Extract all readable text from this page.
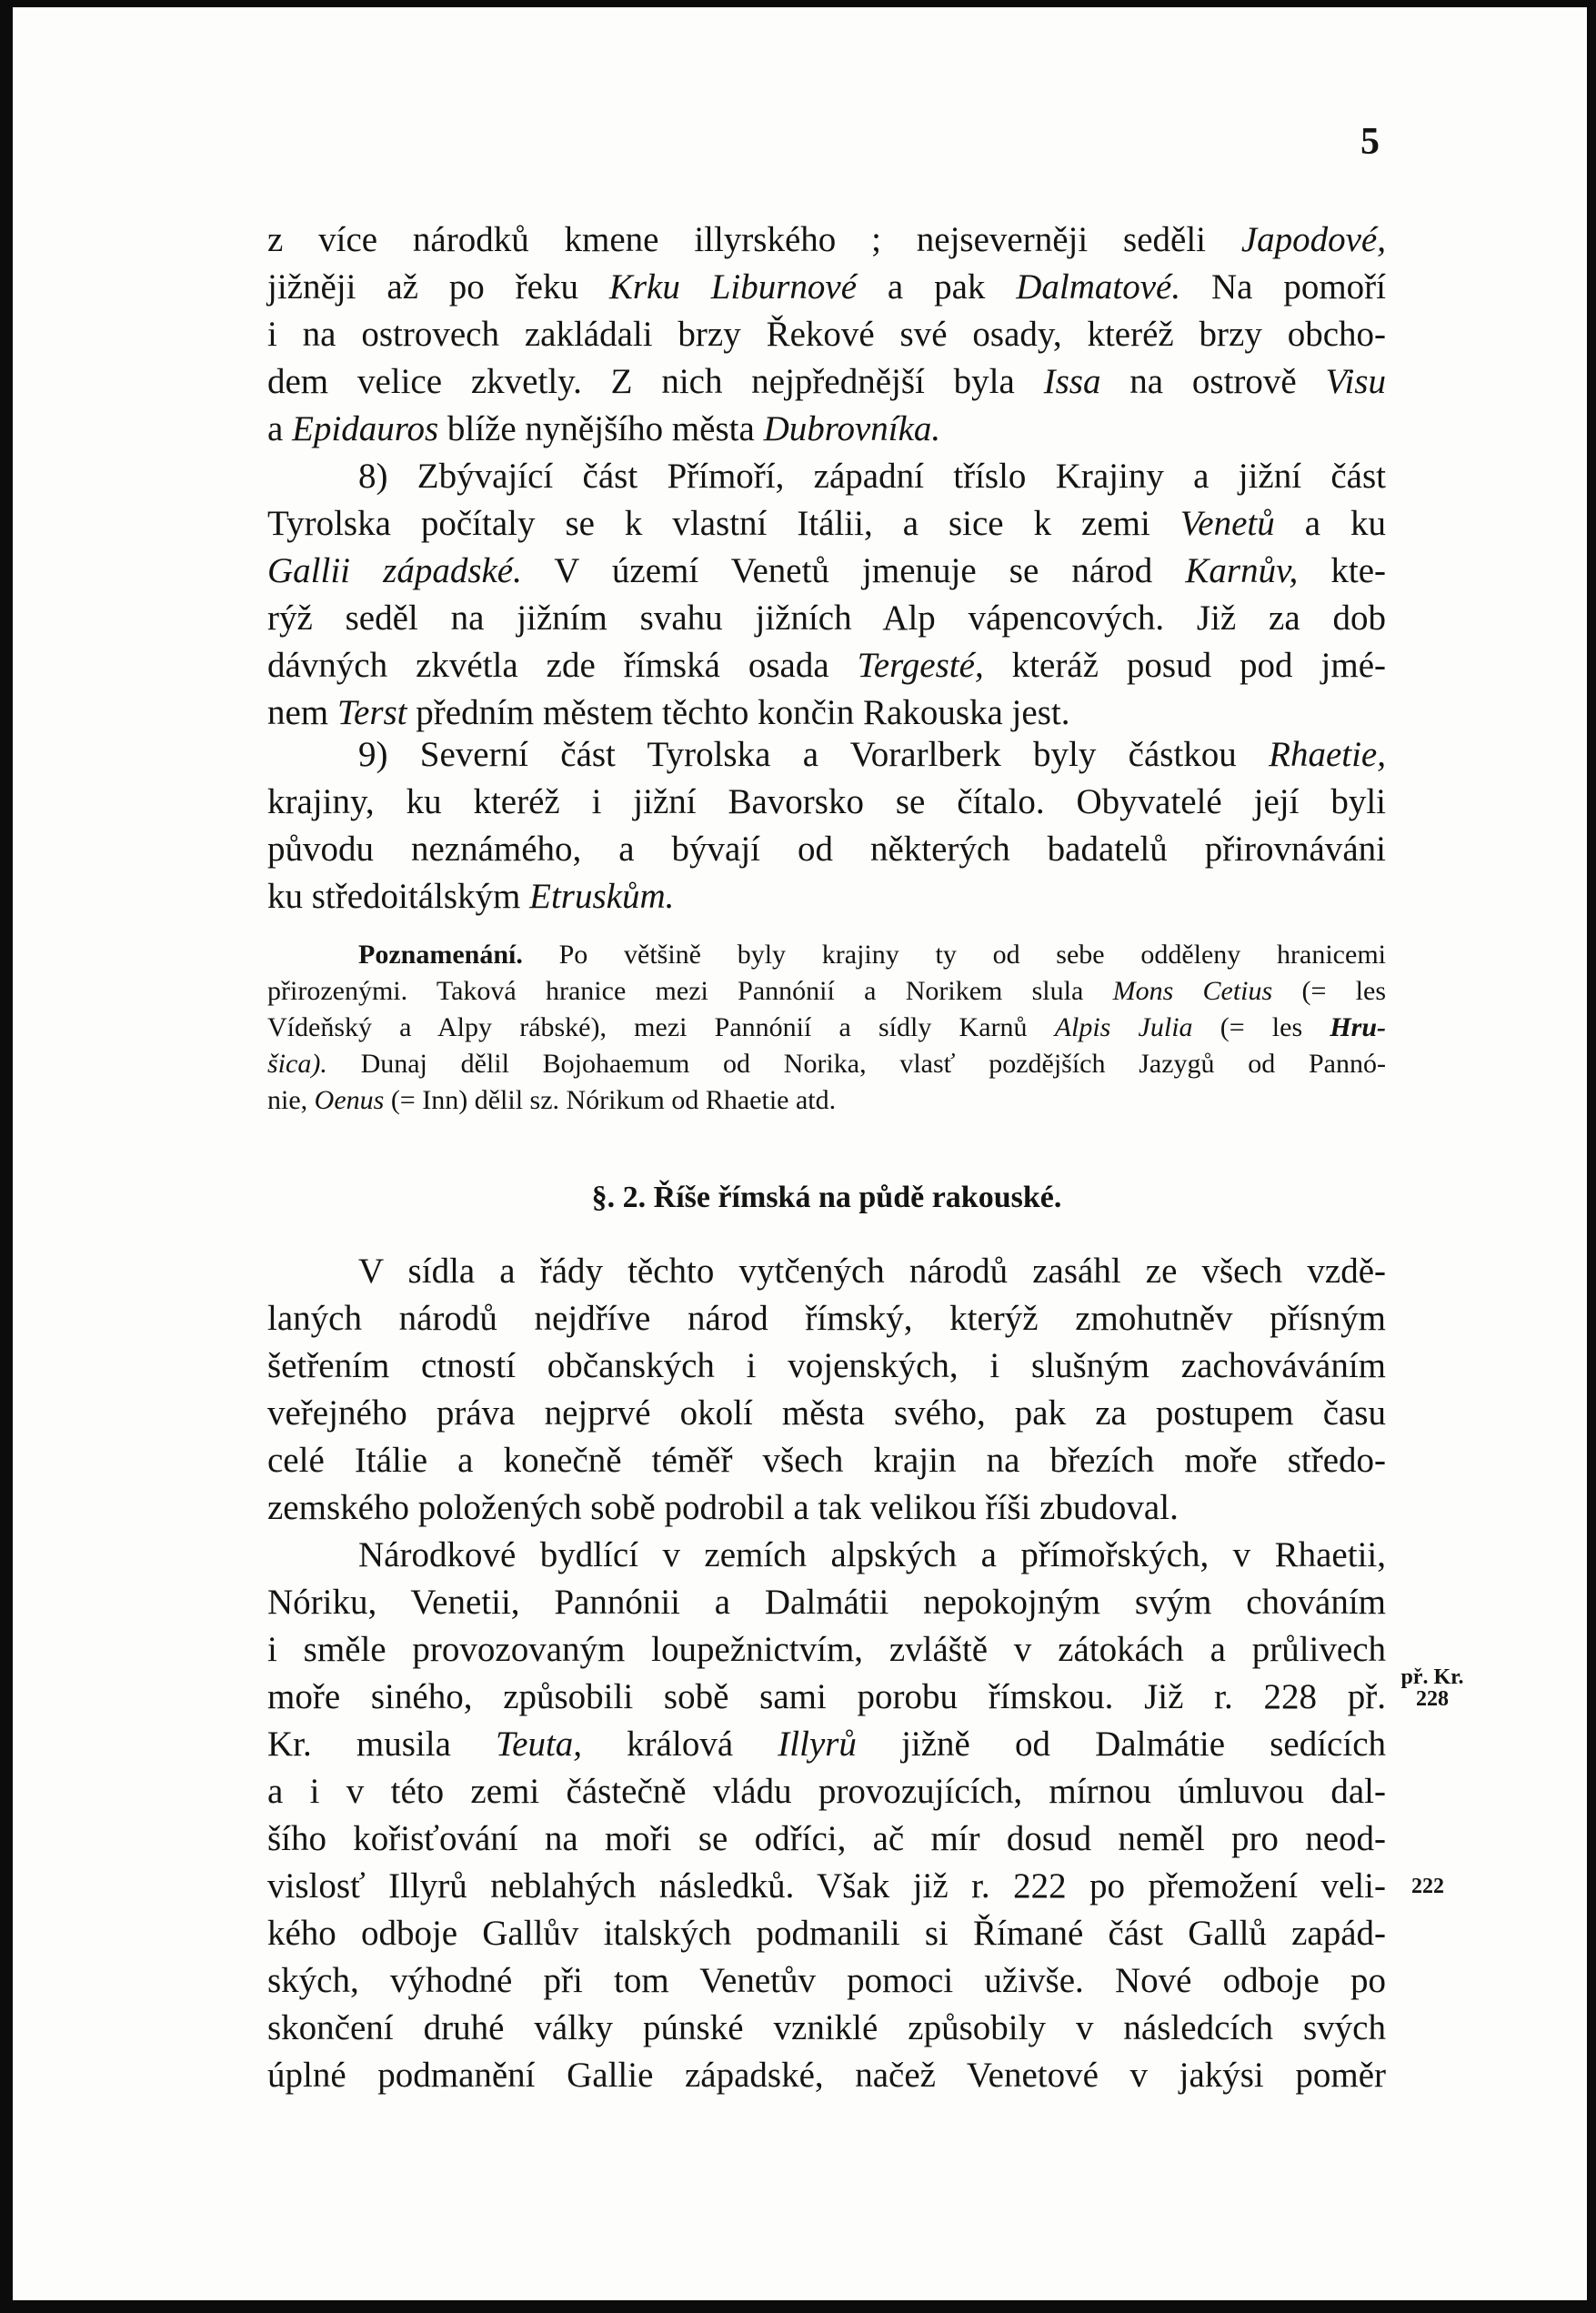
5
z více národků kmene illyrského ; nejseverněji seděli Japodové,
jižněji až po řeku Krku Liburnové a pak Dalmatové. Na pomoří
i na ostrovech zakládali brzy Řekové své osady, kteréž brzy obcho-
dem velice zkvetly. Z nich nejpřednější byla Issa na ostrově Visu
a Epidauros blíže nynějšího města Dubrovníka.
8) Zbývající část Přímoří, západní tříslo Krajiny a jižní část
Tyrolska počítaly se k vlastní Itálii, a sice k zemi Venetů a ku
Gallii západské. V území Venetů jmenuje se národ Karnův, kte-
rýž seděl na jižním svahu jižních Alp vápencových. Již za dob
dávných zkvétla zde římská osada Tergesté, kteráž posud pod jmé-
nem Terst předním městem těchto končin Rakouska jest.
9) Severní část Tyrolska a Vorarlberk byly částkou Rhaetie,
krajiny, ku kteréž i jižní Bavorsko se čítalo. Obyvatelé její byli
původu neznámého, a bývají od některých badatelů přirovnáváni
ku středoitálským Etruskům.
Poznamenání. Po většině byly krajiny ty od sebe odděleny hranicemi
přirozenými. Taková hranice mezi Pannónií a Norikem slula Mons Cetius (= les
Vídeňský a Alpy rábské), mezi Pannónií a sídly Karnů Alpis Julia (= les Hru-
šica). Dunaj dělil Bojohaemum od Norika, vlasť pozdějších Jazygů od Pannó-
nie, Oenus (= Inn) dělil sz. Nórikum od Rhaetie atd.
§. 2. Říše římská na půdě rakouské.
V sídla a řády těchto vytčených národů zasáhl ze všech vzdě-
laných národů nejdříve národ římský, kterýž zmohutněv přísným
šetřením ctností občanských i vojenských, i slušným zachováváním
veřejného práva nejprvé okolí města svého, pak za postupem času
celé Itálie a konečně téměř všech krajin na březích moře středo-
zemského položených sobě podrobil a tak velikou říši zbudoval.
Národkové bydlící v zemích alpských a přímořských, v Rhaetii,
Nóriku, Venetii, Pannónii a Dalmátii nepokojným svým chováním
i směle provozovaným loupežnictvím, zvláště v zátokách a průlivech
moře siného, způsobili sobě sami porobu římskou. Již r. 228 př.
Kr. musila Teuta, králová Illyrů jižně od Dalmátie sedících
a i v této zemi částečně vládu provozujících, mírnou úmluvou dal-
šího kořisťování na moři se odříci, ač mír dosud neměl pro neod-
vislosť Illyrů neblahých následků. Však již r. 222 po přemožení veli-
kého odboje Gallův italských podmanili si Římané část Gallů zapád-
ských, výhodné při tom Venetův pomoci uživše. Nové odboje po
skončení druhé války púnské vzniklé způsobily v následcích svých
úplné podmanění Gallie západské, načež Venetové v jakýsi poměr
př. Kr.
228
222
